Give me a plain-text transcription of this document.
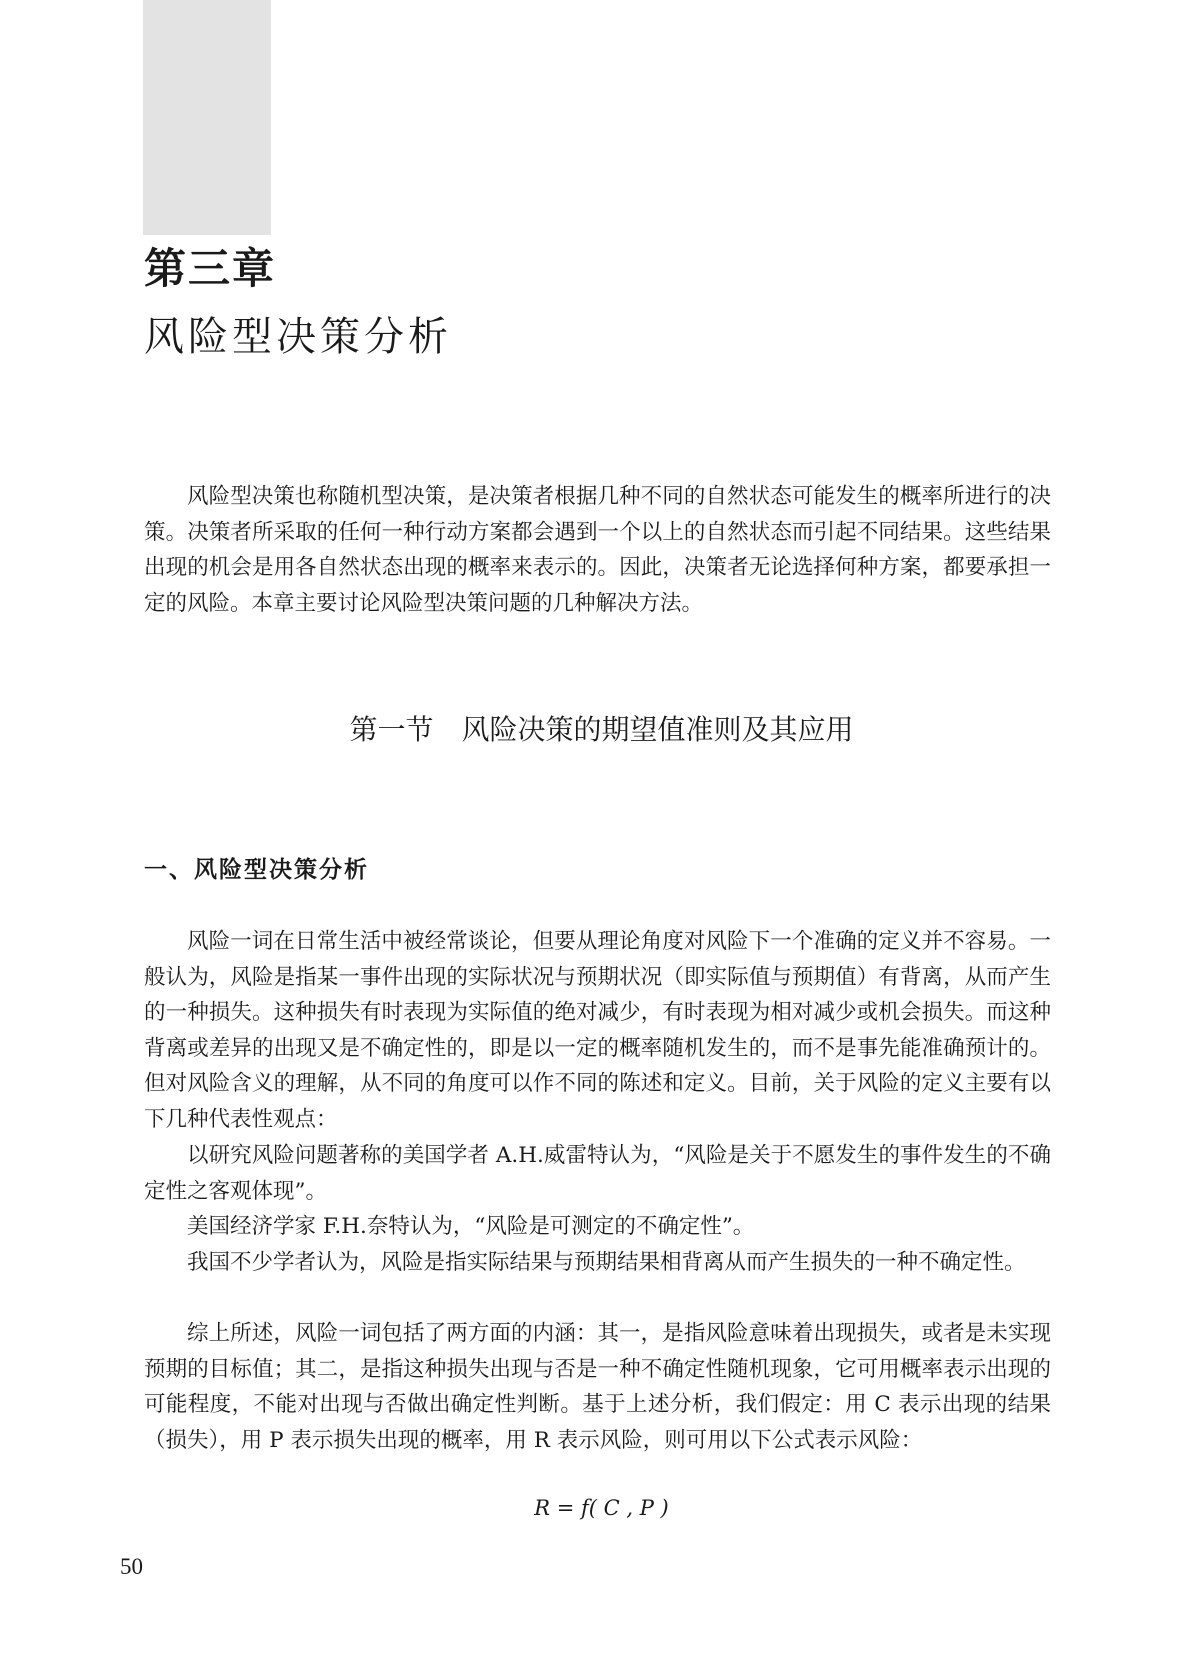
第三章
风险型决策分析

风险型决策也称随机型决策，是决策者根据几种不同的自然状态可能发生的概率所进行的决策。决策者所采取的任何一种行动方案都会遇到一个以上的自然状态而引起不同结果。这些结果出现的机会是用各自然状态出现的概率来表示的。因此，决策者无论选择何种方案，都要承担一定的风险。本章主要讨论风险型决策问题的几种解决方法。

第一节　风险决策的期望值准则及其应用
一、风险型决策分析

风险一词在日常生活中被经常谈论，但要从理论角度对风险下一个准确的定义并不容易。一般认为，风险是指某一事件出现的实际状况与预期状况（即实际值与预期值）有背离，从而产生的一种损失。这种损失有时表现为实际值的绝对减少，有时表现为相对减少或机会损失。而这种背离或差异的出现又是不确定性的，即是以一定的概率随机发生的，而不是事先能准确预计的。但对风险含义的理解，从不同的角度可以作不同的陈述和定义。目前，关于风险的定义主要有以下几种代表性观点：

以研究风险问题著称的美国学者 A.H.威雷特认为，“风险是关于不愿发生的事件发生的不确定性之客观体现”。

美国经济学家 F.H.奈特认为，“风险是可测定的不确定性”。

我国不少学者认为，风险是指实际结果与预期结果相背离从而产生损失的一种不确定性。

综上所述，风险一词包括了两方面的内涵：其一，是指风险意味着出现损失，或者是未实现预期的目标值；其二，是指这种损失出现与否是一种不确定性随机现象，它可用概率表示出现的可能程度，不能对出现与否做出确定性判断。基于上述分析，我们假定：用 C 表示出现的结果（损失），用 P 表示损失出现的概率，用 R 表示风险，则可用以下公式表示风险：

R = f( C , P )
50
